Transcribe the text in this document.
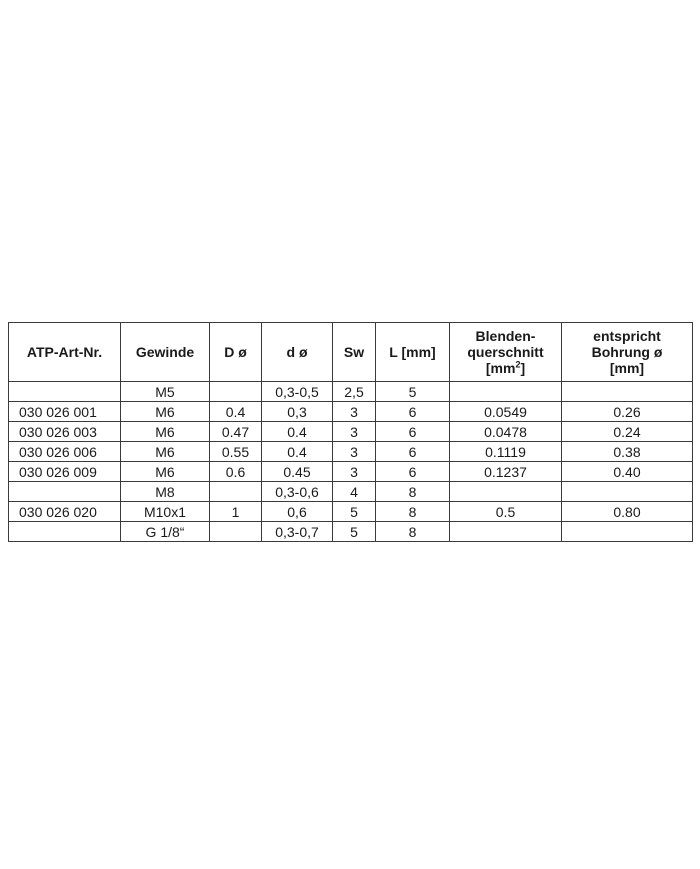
ATP-Art-Nr.	Gewinde	D ø	d ø	Sw	L [mm]	Blenden-
querschnitt
$[mm^2]$	entspricht
Bohrung ø
[mm]
	M5		0,3-0,5	2,5	5		
030 026 001	M6	0.4	0,3	3	6	0.0549	0.26
030 026 003	M6	0.47	0.4	3	6	0.0478	0.24
030 026 006	M6	0.55	0.4	3	6	0.1119	0.38
030 026 009	M6	0.6	0.45	3	6	0.1237	0.40
	M8		0,3-0,6	4	8		
030 026 020	M10x1	1	0,6	5	8	0.5	0.80
	G 1/8“		0,3-0,7	5	8		
